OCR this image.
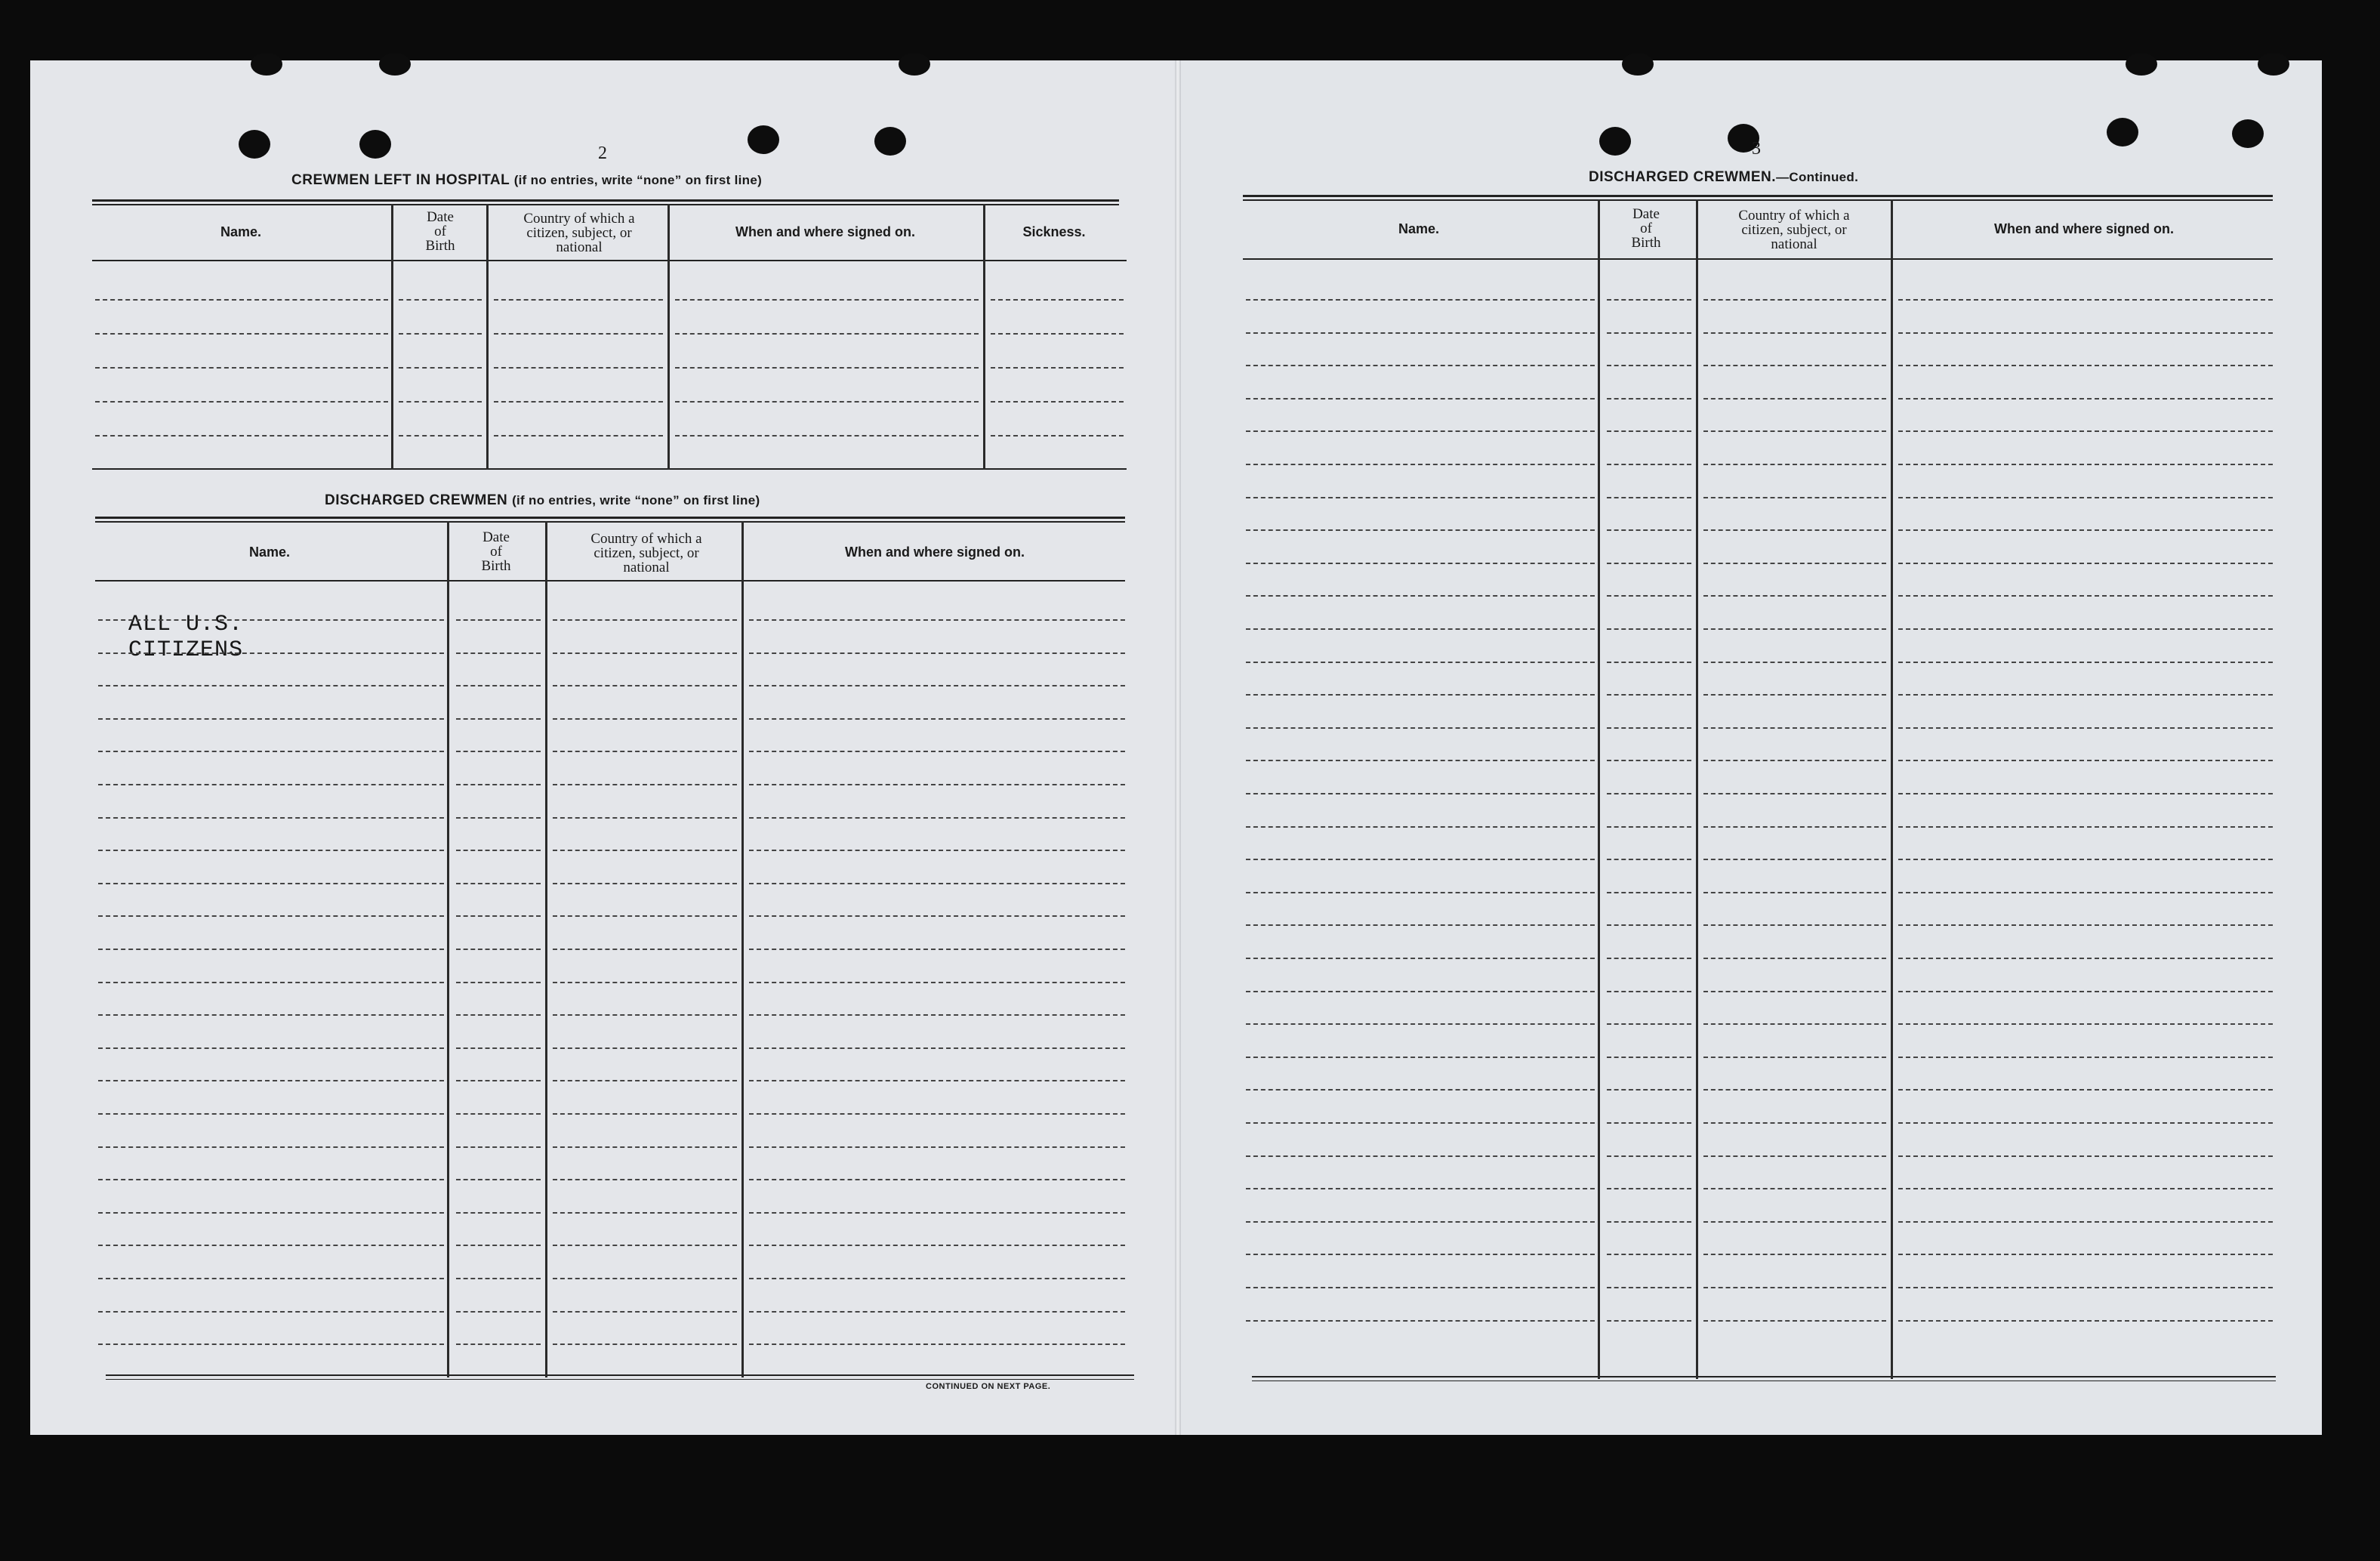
2
CREWMEN LEFT IN HOSPITAL (if no entries, write “none” on first line)
Name.
Date
of
Birth
Country of which a
citizen, subject, or
national
When and where signed on.	Sickness.
DISCHARGED CREWMEN (if no entries, write “none” on first line)
Name.
Date
of
Birth
Country of which a
citizen, subject, or
national
When and where signed on.
ALL U.S. CITIZENS
CONTINUED ON NEXT PAGE.
3
DISCHARGED CREWMEN.—Continued.
Name.
Date
of
Birth
Country of which a
citizen, subject, or
national
When and where signed on.
